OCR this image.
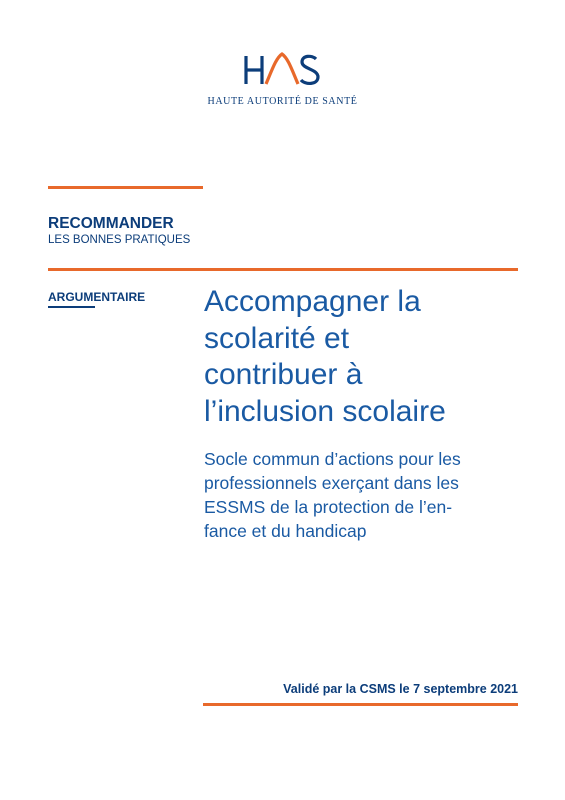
HAUTE AUTORITÉ DE SANTÉ
RECOMMANDER
LES BONNES PRATIQUES
ARGUMENTAIRE Accompagner la
scolarité et
contribuer à
l’inclusion scolaire
Socle commun d’actions pour les
professionnels exerçant dans les
ESSMS de la protection de l’en-
fance et du handicap
Validé par la CSMS le 7 septembre 2021
